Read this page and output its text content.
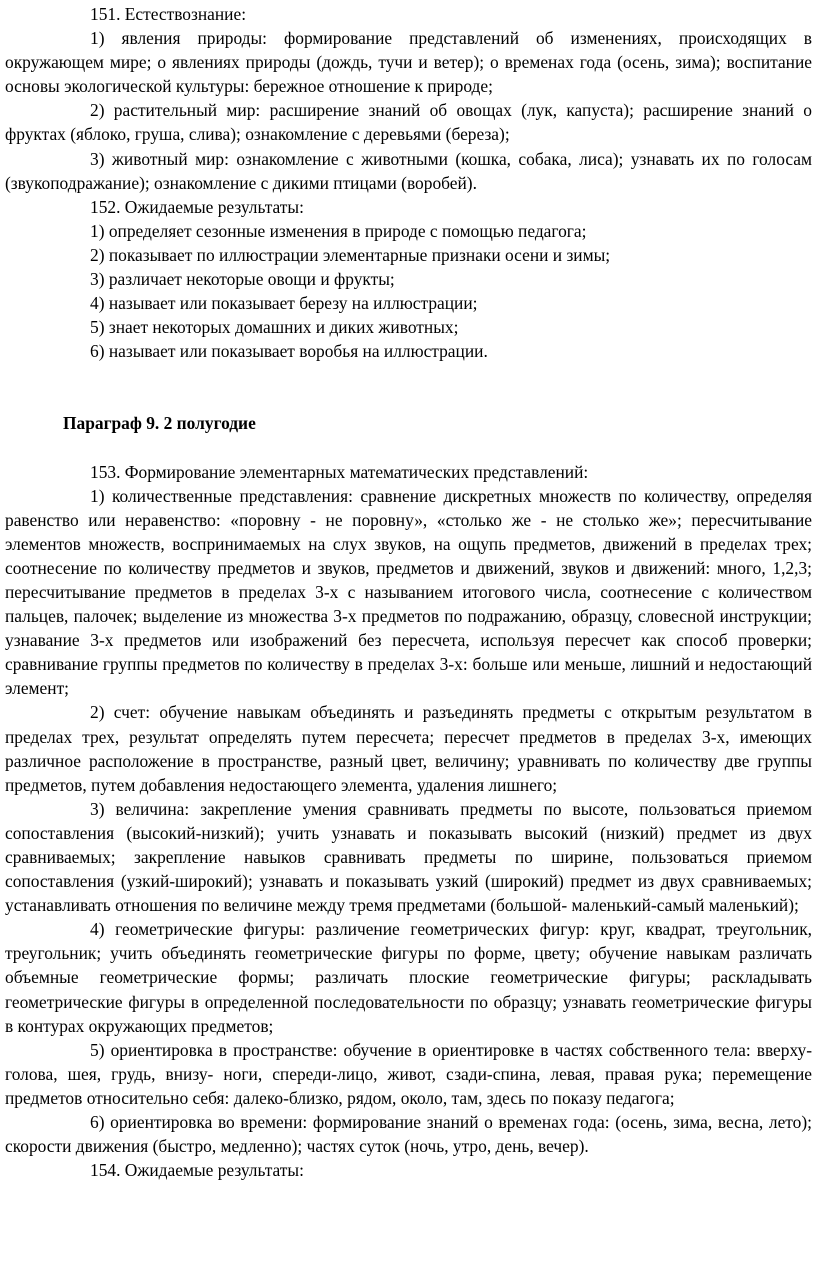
151. Естествознание:

1) явления природы: формирование представлений об изменениях, происходящих в окружающем мире; о явлениях природы (дождь, тучи и ветер); о временах года (осень, зима); воспитание основы экологической культуры: бережное отношение к природе;

2) растительный мир: расширение знаний об овощах (лук, капуста); расширение знаний о фруктах (яблоко, груша, слива); ознакомление с деревьями (береза);

3) животный мир: ознакомление с животными (кошка, собака, лиса); узнавать их по голосам (звукоподражание); ознакомление с дикими птицами (воробей).

152. Ожидаемые результаты:

1) определяет сезонные изменения в природе с помощью педагога;

2) показывает по иллюстрации элементарные признаки осени и зимы;

3) различает некоторые овощи и фрукты;

4) называет или показывает березу на иллюстрации;

5) знает некоторых домашних и диких животных;

6) называет или показывает воробья на иллюстрации.

Параграф 9. 2 полугодие

153. Формирование элементарных математических представлений:

1) количественные представления: сравнение дискретных множеств по количеству, определяя равенство или неравенство: «поровну - не поровну», «столько же - не столько же»; пересчитывание элементов множеств, воспринимаемых на слух звуков, на ощупь предметов, движений в пределах трех; соотнесение по количеству предметов и звуков, предметов и движений, звуков и движений: много, 1,2,3; пересчитывание предметов в пределах 3-х с называнием итогового числа, соотнесение с количеством пальцев, палочек; выделение из множества 3-х предметов по подражанию, образцу, словесной инструкции; узнавание 3-х предметов или изображений без пересчета, используя пересчет как способ проверки; сравнивание группы предметов по количеству в пределах 3-х: больше или меньше, лишний и недостающий элемент;

2) счет: обучение навыкам объединять и разъединять предметы с открытым результатом в пределах трех, результат определять путем пересчета; пересчет предметов в пределах 3-х, имеющих различное расположение в пространстве, разный цвет, величину; уравнивать по количеству две группы предметов, путем добавления недостающего элемента, удаления лишнего;

3) величина: закрепление умения сравнивать предметы по высоте, пользоваться приемом сопоставления (высокий-низкий); учить узнавать и показывать высокий (низкий) предмет из двух сравниваемых; закрепление навыков сравнивать предметы по ширине, пользоваться приемом сопоставления (узкий-широкий); узнавать и показывать узкий (широкий) предмет из двух сравниваемых; устанавливать отношения по величине между тремя предметами (большой- маленький-самый маленький);

4) геометрические фигуры: различение геометрических фигур: круг, квадрат, треугольник, треугольник; учить объединять геометрические фигуры по форме, цвету; обучение навыкам различать объемные геометрические формы; различать плоские геометрические фигуры; раскладывать геометрические фигуры в определенной последовательности по образцу; узнавать геометрические фигуры в контурах окружающих предметов;

5) ориентировка в пространстве: обучение в ориентировке в частях собственного тела: вверху- голова, шея, грудь, внизу- ноги, спереди-лицо, живот, сзади-спина, левая, правая рука; перемещение предметов относительно себя: далеко-близко, рядом, около, там, здесь по показу педагога;

6) ориентировка во времени: формирование знаний о временах года: (осень, зима, весна, лето); скорости движения (быстро, медленно); частях суток (ночь, утро, день, вечер).

154. Ожидаемые результаты:
